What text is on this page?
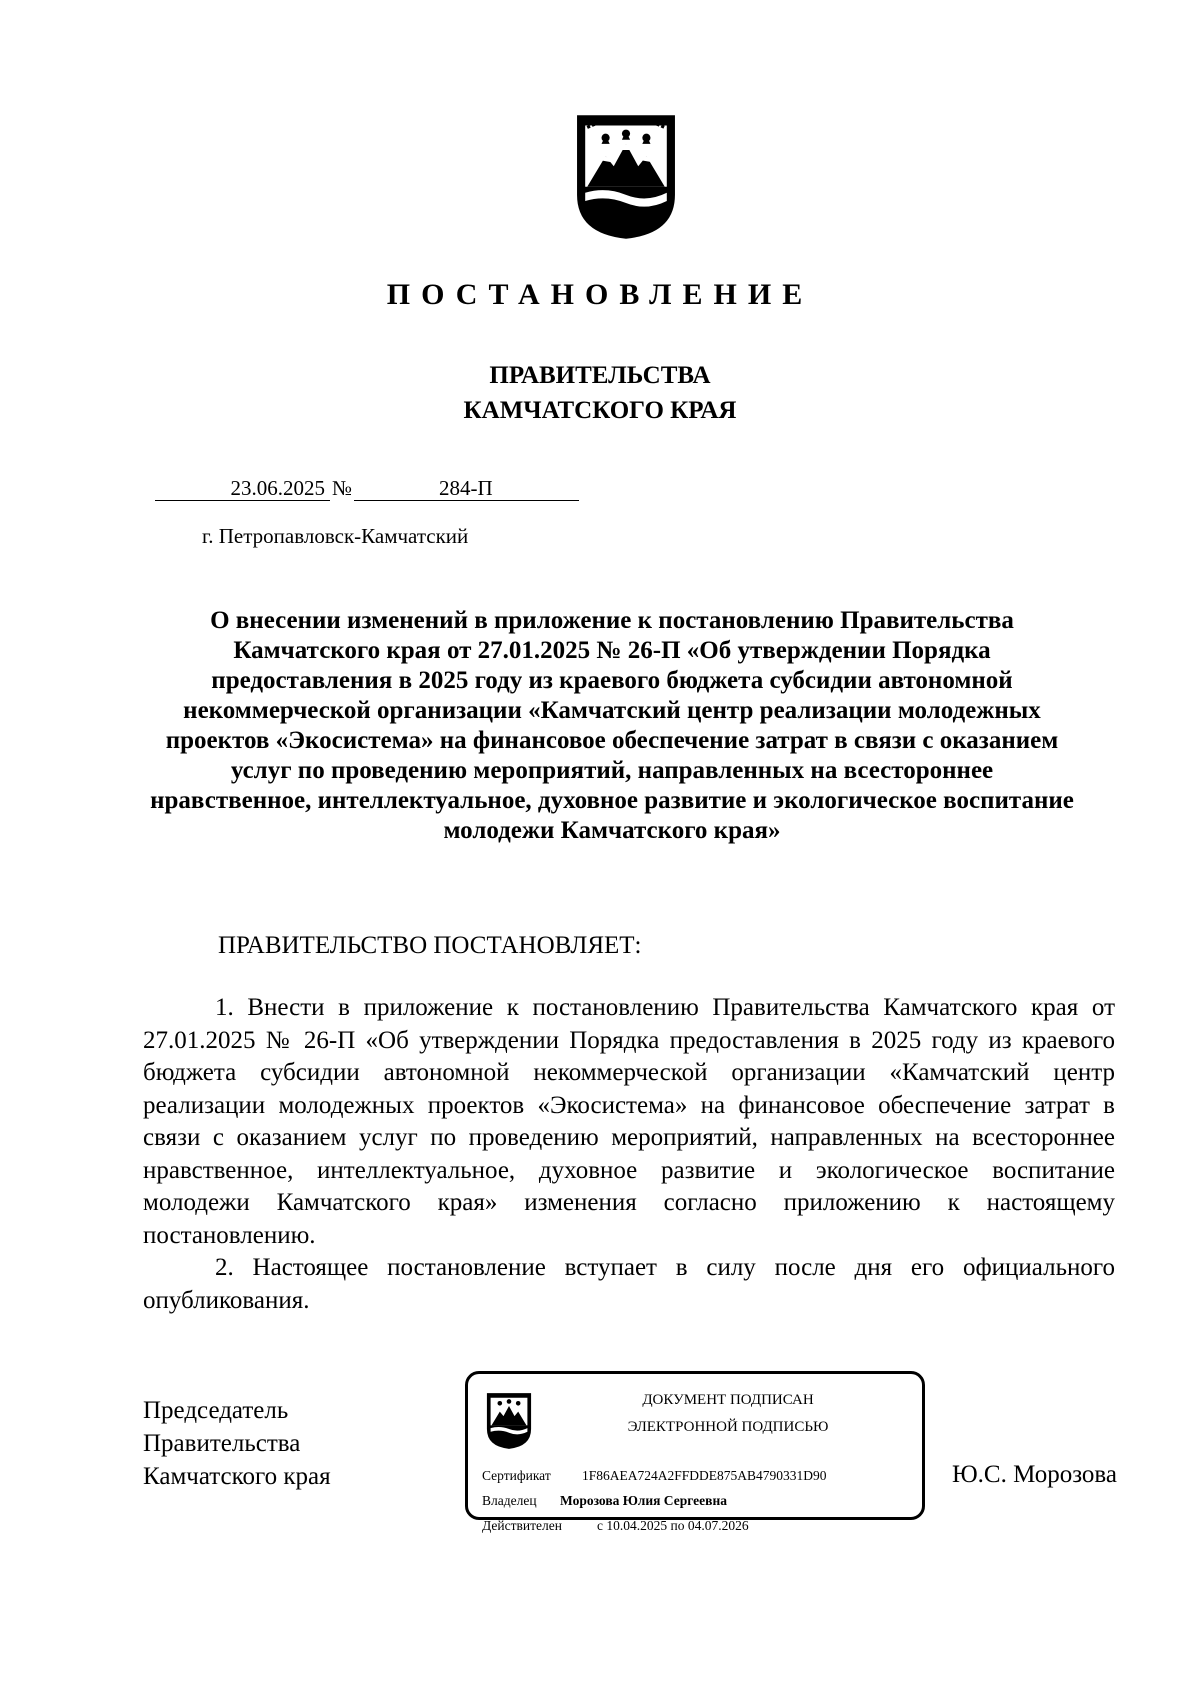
ПОСТАНОВЛЕНИЕ
ПРАВИТЕЛЬСТВА
КАМЧАТСКОГО КРАЯ
23.06.2025 №	284-П
г. Петропавловск-Камчатский
О внесении изменений в приложение к постановлению Правительства Камчатского края от 27.01.2025 № 26-П «Об утверждении Порядка предоставления в 2025 году из краевого бюджета субсидии автономной некоммерческой организации «Камчатский центр реализации молодежных проектов «Экосистема» на финансовое обеспечение затрат в связи с оказанием услуг по проведению мероприятий, направленных на всестороннее нравственное, интеллектуальное, духовное развитие и экологическое воспитание молодежи Камчатского края»
ПРАВИТЕЛЬСТВО ПОСТАНОВЛЯЕТ:

1. Внести в приложение к постановлению Правительства Камчатского края от 27.01.2025 № 26-П «Об утверждении Порядка предоставления в 2025 году из краевого бюджета субсидии автономной некоммерческой организации «Камчатский центр реализации молодежных проектов «Экосистема» на финансовое обеспечение затрат в связи с оказанием услуг по проведению мероприятий, направленных на всестороннее нравственное, интеллектуальное, духовное развитие и экологическое воспитание молодежи Камчатского края» изменения согласно приложению к настоящему постановлению.

2. Настоящее постановление вступает в силу после дня его официального опубликования.

Председатель
Правительства
Камчатского края
ДОКУМЕНТ ПОДПИСАН
ЭЛЕКТРОННОЙ ПОДПИСЬЮ
Сертификат 1F86AEA724A2FFDDE875AB4790331D90
Владелец Морозова Юлия Сергеевна
Действителен	с 10.04.2025 по 04.07.2026
Ю.С. Морозова
